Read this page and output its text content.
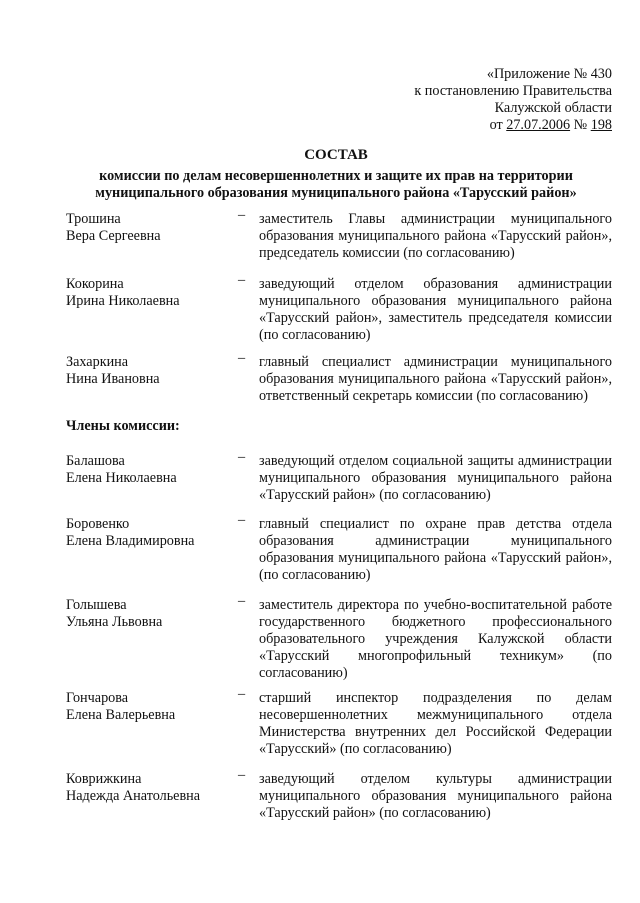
«Приложение № 430
к постановлению Правительства
Калужской области
от 27.07.2006 № 198
СОСТАВ
комиссии по делам несовершеннолетних и защите их прав на территории
муниципального образования муниципального района «Тарусский район»
Трошина
Вера Сергеевна
– заместитель Главы администрации муниципального образования муниципального района «Тарусский район», председатель комиссии (по согласованию)
Кокорина
Ирина Николаевна
– заведующий отделом образования администрации муниципального образования муниципального района «Тарусский район», заместитель председателя комиссии (по согласованию)
Захаркина
Нина Ивановна
– главный специалист администрации муниципального образования муниципального района «Тарусский район», ответственный секретарь комиссии (по согласованию)
Члены комиссии:
Балашова
Елена Николаевна
– заведующий отделом социальной защиты администрации муниципального образования муниципального района «Тарусский район» (по согласованию)
Боровенко
Елена Владимировна
– главный специалист по охране прав детства отдела образования администрации муниципального образования муниципального района «Тарусский район», (по согласованию)
Голышева
Ульяна Львовна
– заместитель директора по учебно-воспитательной работе государственного бюджетного профессионального образовательного учреждения Калужской области «Тарусский многопрофильный техникум» (по согласованию)
Гончарова
Елена Валерьевна
– старший инспектор подразделения по делам несовершеннолетних межмуниципального отдела Министерства внутренних дел Российской Федерации «Тарусский» (по согласованию)
Коврижкина
Надежда Анатольевна
– заведующий отделом культуры администрации муниципального образования муниципального района «Тарусский район» (по согласованию)
